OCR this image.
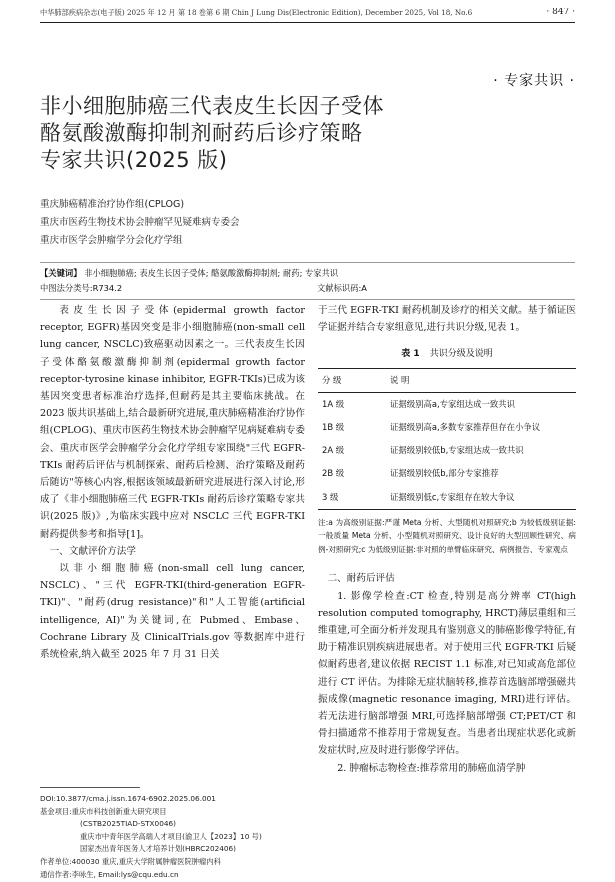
中华肺部疾病杂志(电子版) 2025 年 12 月 第 18 卷第 6 期 Chin J Lung Dis(Electronic Edition), December 2025, Vol 18, No.6	· 847 ·
· 专家共识 ·
非小细胞肺癌三代表皮生长因子受体
酪氨酸激酶抑制剂耐药后诊疗策略
专家共识(2025 版)
重庆肺癌精准治疗协作组(CPLOG)
重庆市医药生物技术协会肿瘤罕见疑难病专委会
重庆市医学会肿瘤学分会化疗学组
【关键词】 非小细胞肺癌; 表皮生长因子受体; 酪氨酸激酶抑制剂; 耐药; 专家共识
中图法分类号:R734.2	文献标识码:A

表皮生长因子受体(epidermal growth factor receptor, EGFR)基因突变是非小细胞肺癌(non-small cell lung cancer, NSCLC)致癌驱动因素之一。三代表皮生长因子受体酪氨酸激酶抑制剂(epidermal growth factor receptor-tyrosine kinase inhibitor, EGFR-TKIs)已成为该基因突变患者标准治疗选择,但耐药是其主要临床挑战。在 2023 版共识基础上,结合最新研究进展,重庆肺癌精准治疗协作组(CPLOG)、重庆市医药生物技术协会肿瘤罕见病疑难病专委会、重庆市医学会肿瘤学分会化疗学组专家围绕"三代 EGFR-TKIs 耐药后评估与机制探索、耐药后检测、治疗策略及耐药后随访"等核心内容,根据该领域最新研究进展进行深入讨论,形成了《非小细胞肺癌三代 EGFR-TKIs 耐药后诊疗策略专家共识(2025 版)》,为临床实践中应对 NSCLC 三代 EGFR-TKI 耐药提供参考和指导[1]。

一、文献评价方法学

以非小细胞肺癌(non-small cell lung cancer, NSCLC)、"三代 EGFR-TKI(third-generation EGFR-TKI)"、"耐药(drug resistance)"和"人工智能(artificial intelligence, AI)"为关键词,在 Pubmed、Embase、Cochrane Library 及 ClinicalTrials.gov 等数据库中进行系统检索,纳入截至 2025 年 7 月 31 日关

于三代 EGFR-TKI 耐药机制及诊疗的相关文献。基于循证医学证据并结合专家组意见,进行共识分级,见表 1。

表 1 共识分级及说明
分 级	说 明
1A 级	证据级别高a,专家组达成一致共识
1B 级	证据级别高a,多数专家推荐但存在小争议
2A 级	证据级别较低b,专家组达成一致共识
2B 级	证据级别较低b,部分专家推荐
3 级	证据级别低c,专家组存在较大争议
注:a 为高级别证据:严谨 Meta 分析、大型随机对照研究;b 为较低级别证据:一般质量 Meta 分析、小型随机对照研究、设计良好的大型回顾性研究、病例-对照研究;c 为低级别证据:非对照的单臂临床研究、病例报告、专家观点

二、耐药后评估

1. 影像学检查:CT 检查,特别是高分辨率 CT(high resolution computed tomography, HRCT)薄层重组和三维重建,可全面分析并发现具有鉴别意义的肺癌影像学特征,有助于精准识别疾病进展患者。对于使用三代 EGFR-TKI 后疑似耐药患者,建议依据 RECIST 1.1 标准,对已知或高危部位进行 CT 评估。为排除无症状脑转移,推荐首选脑部增强磁共振成像(magnetic resonance imaging, MRI)进行评估。若无法进行脑部增强 MRI,可选择脑部增强 CT;PET/CT 和骨扫描通常不推荐用于常规复查。当患者出现症状恶化或新发症状时,应及时进行影像学评估。

2. 肿瘤标志物检查:推荐常用的肺癌血清学肿

DOI:10.3877/cma.j.issn.1674-6902.2025.06.001
基金项目:重庆市科技创新重大研究项目
(CSTB2025TIAD-STX0046)
重庆市中青年医学高端人才项目(渝卫人【2023】10 号)
国家杰出青年医务人才培养计划(HBRC202406)
作者单位:400030 重庆,重庆大学附属肿瘤医院肿瘤内科
通信作者:李咏生, Email:lys@cqu.edu.cn
